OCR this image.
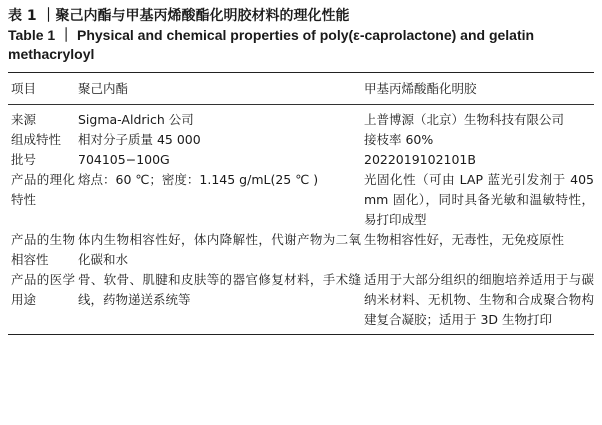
表 1 ｜聚己内酯与甲基丙烯酸酯化明胶材料的理化性能
Table 1 ｜ Physical and chemical properties of poly(ε-caprolactone) and gelatin methacryloyl
项目	聚己内酯	甲基丙烯酸酯化明胶
来源	Sigma-Aldrich 公司	上普博源（北京）生物科技有限公司
组成特性	相对分子质量 45 000	接枝率 60%
批号	704105−100G	2022019102101B
产品的理化特性	熔点：60 ℃；密度：1.145 g/mL(25 ℃ )	光固化性（可由 LAP 蓝光引发剂于 405 mm 固化），同时具备光敏和温敏特性，易打印成型
产品的生物相容性	体内生物相容性好，体内降解性，代谢产物为二氧化碳和水	生物相容性好，无毒性，无免疫原性
产品的医学用途	骨、软骨、肌腱和皮肤等的器官修复材料，手术缝线，药物递送系统等	适用于大部分组织的细胞培养适用于与碳纳米材料、无机物、生物和合成聚合物构建复合凝胶；适用于 3D 生物打印
